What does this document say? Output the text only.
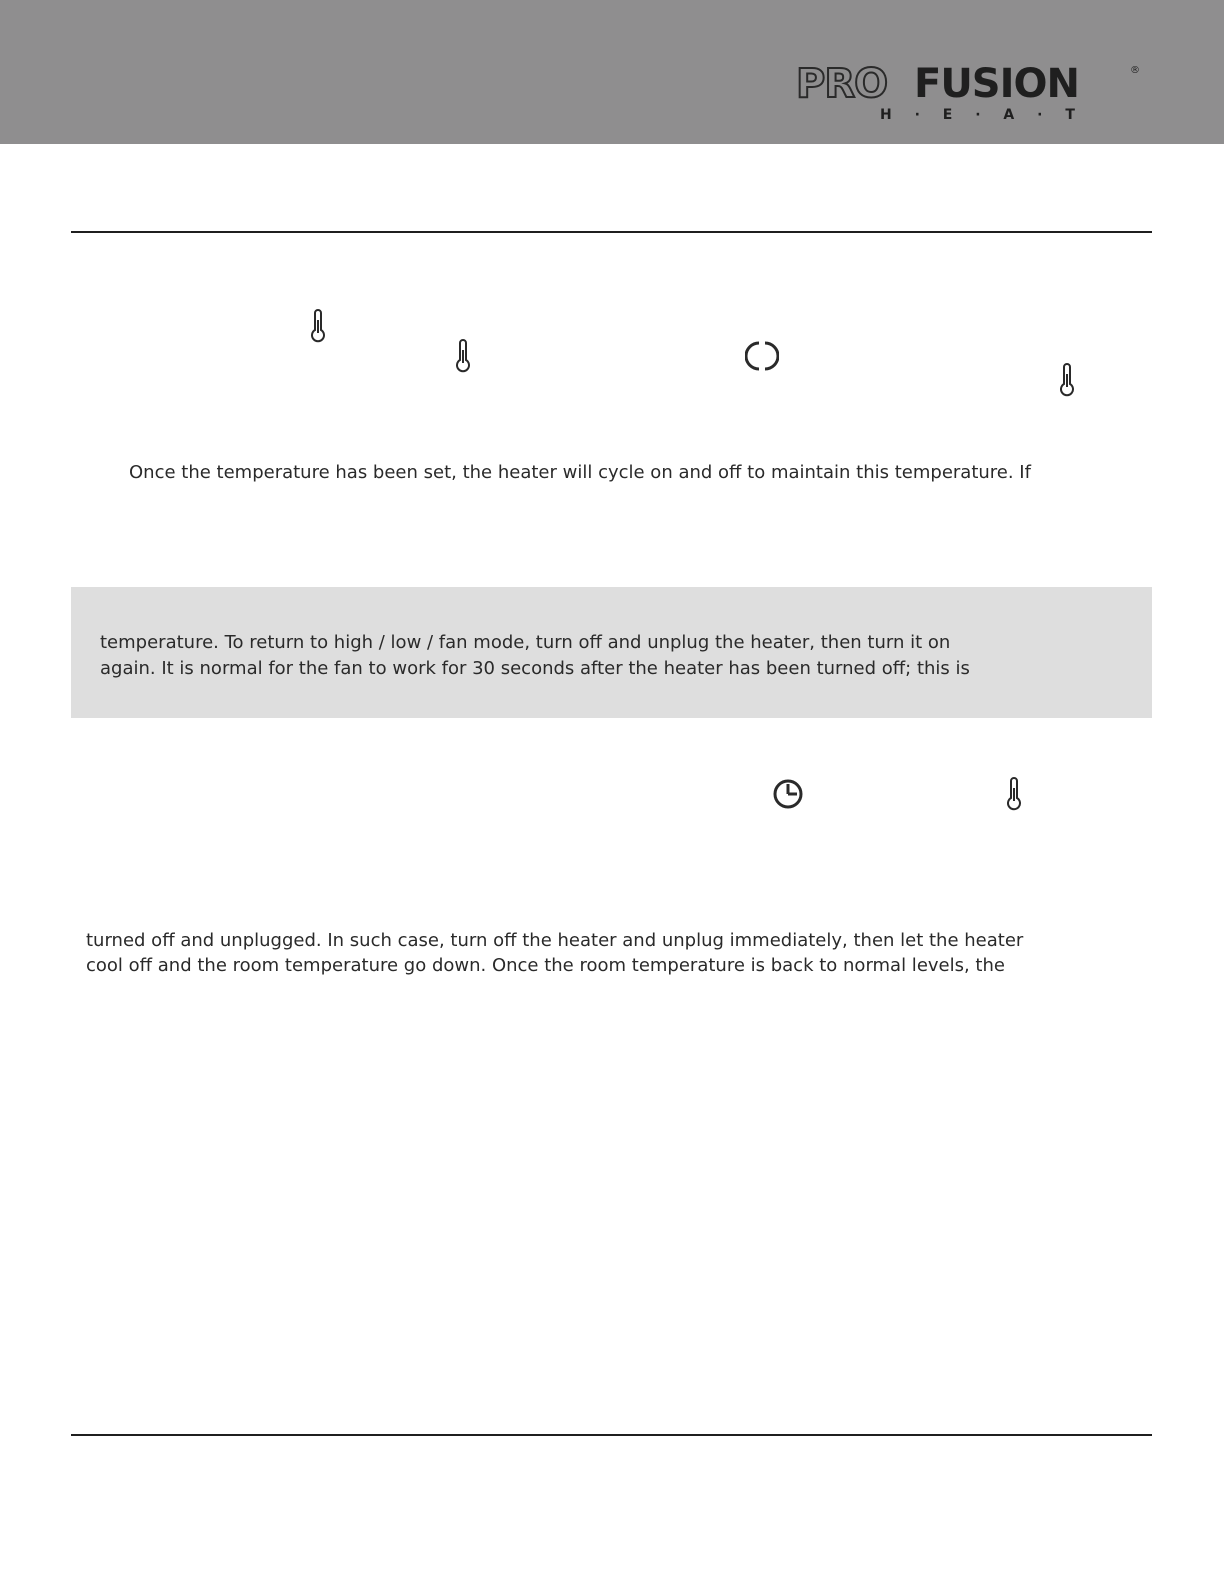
PRO FUSION	®
H · E · A · T
Once the temperature has been set, the heater will cycle on and off to maintain this temperature. If
temperature. To return to high / low / fan mode, turn off and unplug the heater, then turn it on
again. It is normal for the fan to work for 30 seconds after the heater has been turned off; this is
turned off and unplugged. In such case, turn off the heater and unplug immediately, then let the heater
cool off and the room temperature go down. Once the room temperature is back to normal levels, the
